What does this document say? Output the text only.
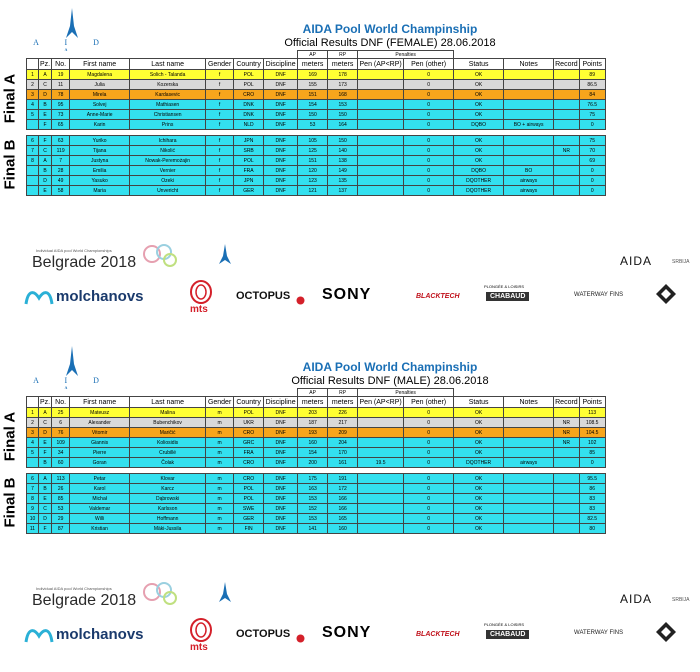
A I D
AIDA Pool World Champinship
Official Results DNF (FEMALE) 28.06.2018
								AP	RP	Penalties					
	Pz.	No.	First name	Last name	Gender	Country	Discipline	meters	meters	Pen (AP<RP)	Pen (other)	Status	Notes	Record	Points
1	A	19	Magdalena	Solich - Talanda	f	POL	DNF	169	178		0	OK			89
2	C	11	Julia	Kozerska	f	POL	DNF	155	173		0	OK			86.5
3	D	78	Mirela	Kardasevic	f	CRO	DNF	151	168		0	OK			84
4	B	95	Solvej	Mathiasen	f	DNK	DNF	154	153		0	OK			76.5
5	E	73	Anne-Marie	Christiansen	f	DNK	DNF	150	150		0	OK			75
	F	65	Karin	Prins	f	NLD	DNF	53	164		0	DQBO	BO + airways		0

6	F	63	Yuriko	Ichihara	f	JPN	DNF	105	150		0	OK			75
7	C	119	Tijana	Nikolić	f	SRB	DNF	125	140		0	OK		NR	70
8	A	7	Justyna	Nowak-Peremożajin	f	POL	DNF	151	138		0	OK			69
	B	28	Emilia	Vernier	f	FRA	DNF	120	149		0	DQBO	BO		0
	D	49	Yasuko	Ozeki	f	JPN	DNF	123	135		0	DQOTHER	airways		0
	E	58	Maria	Unvericht	f	GER	DNF	121	137		0	DQOTHER	airways		0
Final A
Final B
Individual AIDA pool World Championships
Belgrade 2018	AIDA	SRBIJA
molchanovs
mts
OCTOPUS SONY	BLACKTECH
PLONGÉE & LOISIRS
CHABAUD	WATERWAY FINS
A I D
AIDA Pool World Champinship
Official Results DNF (MALE) 28.06.2018
								AP	RP	Penalties					
	Pz.	No.	First name	Last name	Gender	Country	Discipline	meters	meters	Pen (AP<RP)	Pen (other)	Status	Notes	Record	Points
1	A	25	Mateusz	Malina	m	POL	DNF	203	226		0	OK			113
2	C	6	Alexander	Bubenchikov	m	UKR	DNF	187	217		0	OK		NR	108.5
3	D	76	Vitomir	Maričić	m	CRO	DNF	193	209		0	OK		NR	104.5
4	E	109	Giannis	Koliosidis	m	GRC	DNF	160	204		0	OK		NR	102
5	F	34	Pierre	Crubillé	m	FRA	DNF	154	170		0	OK			85
	B	60	Goran	Čolak	m	CRO	DNF	200	161	19.5	0	DQOTHER	airways		0

6	A	113	Petar	Klovar	m	CRO	DNF	175	191		0	OK			95.5
7	B	26	Karol	Karcz	m	POL	DNF	163	172		0	OK			86
8	E	85	Michał	Dąbrowski	m	POL	DNF	153	166		0	OK			83
9	C	53	Valdemar	Karlsson	m	SWE	DNF	152	166		0	OK			83
10	D	29	Willi	Hoffmann	m	GER	DNF	153	165		0	OK			82.5
11	F	87	Kristian	Mäki-Jussila	m	FIN	DNF	141	160		0	OK			80
Final A
Final B
Individual AIDA pool World Championships
Belgrade 2018	AIDA	SRBIJA
molchanovs
mts
OCTOPUS SONY	BLACKTECH
PLONGÉE & LOISIRS
CHABAUD	WATERWAY FINS
